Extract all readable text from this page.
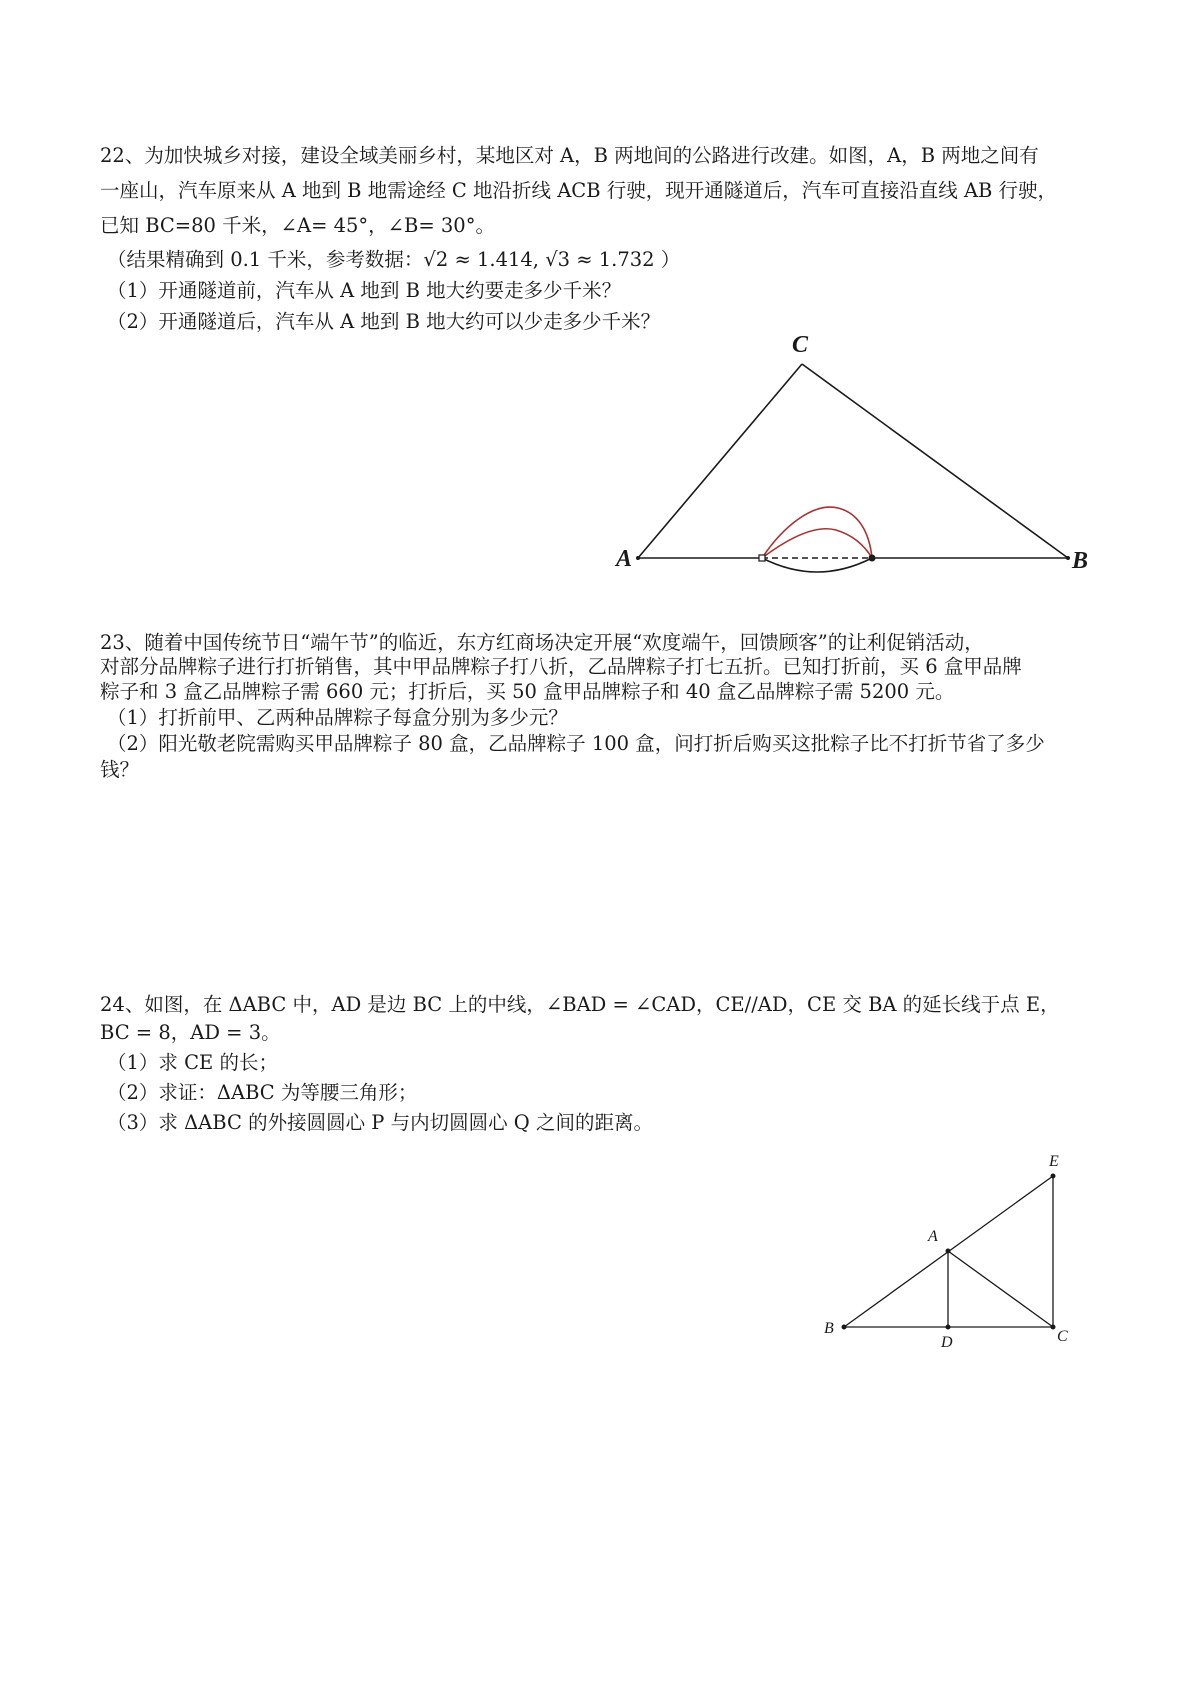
22、为加快城乡对接，建设全域美丽乡村，某地区对 A，B 两地间的公路进行改建。如图，A，B 两地之间有
一座山，汽车原来从 A 地到 B 地需途经 C 地沿折线 ACB 行驶，现开通隧道后，汽车可直接沿直线 AB 行驶，
已知 BC=80 千米，∠A= 45°，∠B= 30°。
（结果精确到 0.1 千米，参考数据：√2 ≈ 1.414, √3 ≈ 1.732 ）
（1）开通隧道前，汽车从 A 地到 B 地大约要走多少千米？
（2）开通隧道后，汽车从 A 地到 B 地大约可以少走多少千米？
C
A	B
23、随着中国传统节日“端午节”的临近，东方红商场决定开展“欢度端午，回馈顾客”的让利促销活动，
对部分品牌粽子进行打折销售，其中甲品牌粽子打八折，乙品牌粽子打七五折。已知打折前，买 6 盒甲品牌
粽子和 3 盒乙品牌粽子需 660 元；打折后，买 50 盒甲品牌粽子和 40 盒乙品牌粽子需 5200 元。
（1）打折前甲、乙两种品牌粽子每盒分别为多少元？
（2）阳光敬老院需购买甲品牌粽子 80 盒，乙品牌粽子 100 盒，问打折后购买这批粽子比不打折节省了多少
钱？
24、如图，在 ΔABC 中，AD 是边 BC 上的中线，∠BAD = ∠CAD，CE//AD，CE 交 BA 的延长线于点 E，
BC = 8，AD = 3。
（1）求 CE 的长；
（2）求证：ΔABC 为等腰三角形；
（3）求 ΔABC 的外接圆圆心 P 与内切圆圆心 Q 之间的距离。
E
A
B
D	C
